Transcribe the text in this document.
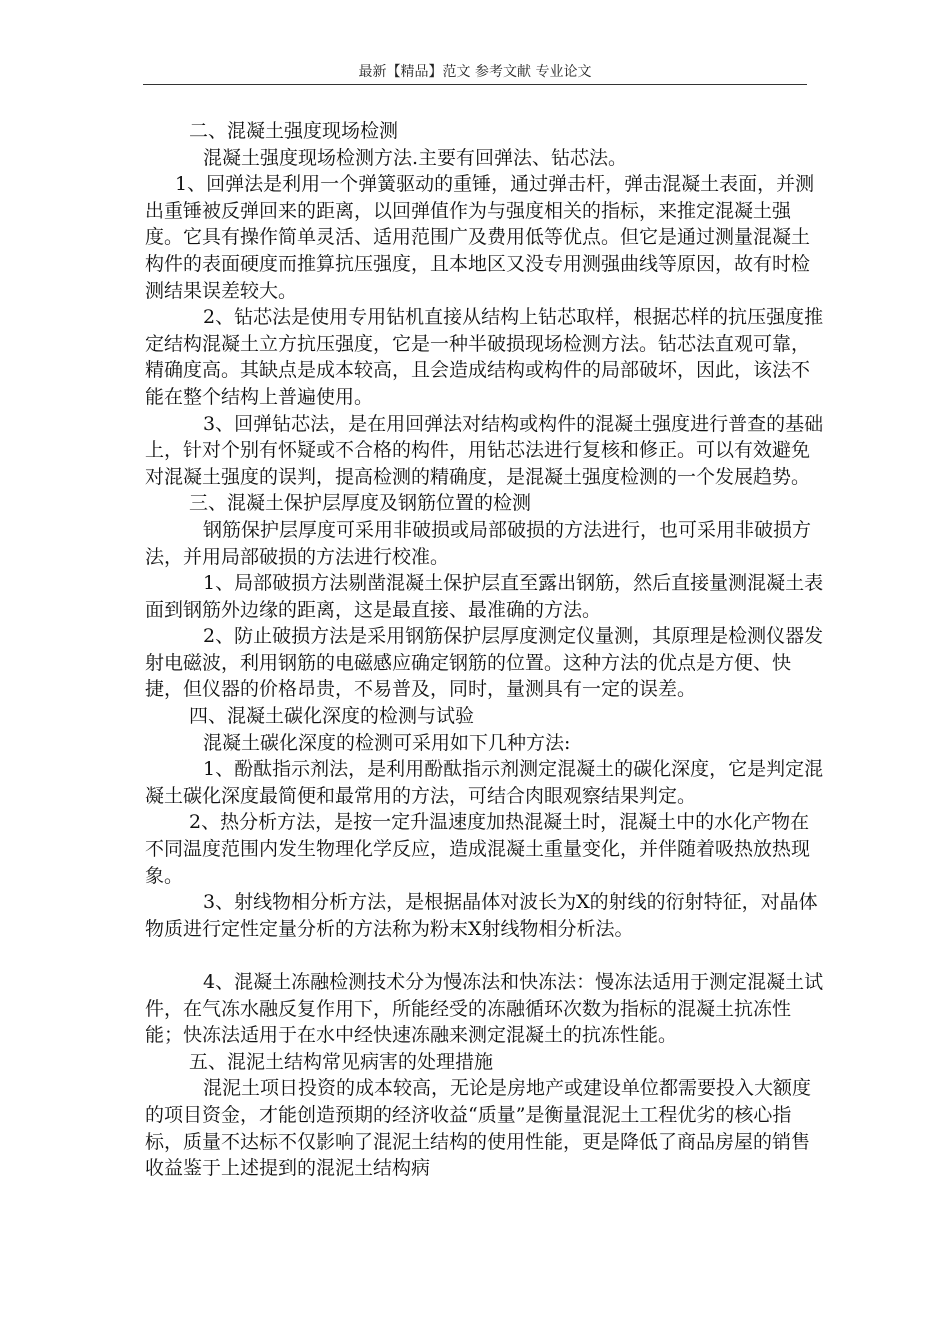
最新【精品】范文 参考文献 专业论文

二、混凝土强度现场检测

混凝土强度现场检测方法.主要有回弹法、钻芯法。

1、回弹法是利用一个弹簧驱动的重锤，通过弹击杆，弹击混凝土表面，并测出重锤被反弹回来的距离，以回弹值作为与强度相关的指标，来推定混凝土强度。它具有操作简单灵活、适用范围广及费用低等优点。但它是通过测量混凝土构件的表面硬度而推算抗压强度，且本地区又没专用测强曲线等原因，故有时检测结果误差较大。

2、钻芯法是使用专用钻机直接从结构上钻芯取样，根据芯样的抗压强度推定结构混凝土立方抗压强度，它是一种半破损现场检测方法。钻芯法直观可靠，精确度高。其缺点是成本较高，且会造成结构或构件的局部破坏，因此，该法不能在整个结构上普遍使用。

3、回弹钻芯法，是在用回弹法对结构或构件的混凝土强度进行普查的基础上，针对个别有怀疑或不合格的构件，用钻芯法进行复核和修正。可以有效避免对混凝土强度的误判，提高检测的精确度，是混凝土强度检测的一个发展趋势。

三、混凝土保护层厚度及钢筋位置的检测

钢筋保护层厚度可采用非破损或局部破损的方法进行，也可采用非破损方法，并用局部破损的方法进行校准。

1、局部破损方法剔凿混凝土保护层直至露出钢筋，然后直接量测混凝土表面到钢筋外边缘的距离，这是最直接、最准确的方法。

2、防止破损方法是采用钢筋保护层厚度测定仪量测，其原理是检测仪器发射电磁波，利用钢筋的电磁感应确定钢筋的位置。这种方法的优点是方便、快捷，但仪器的价格昂贵，不易普及，同时，量测具有一定的误差。

四、混凝土碳化深度的检测与试验

混凝土碳化深度的检测可采用如下几种方法:

1、酚酞指示剂法，是利用酚酞指示剂测定混凝土的碳化深度，它是判定混凝土碳化深度最简便和最常用的方法，可结合肉眼观察结果判定。

2、热分析方法，是按一定升温速度加热混凝土时，混凝土中的水化产物在不同温度范围内发生物理化学反应，造成混凝土重量变化，并伴随着吸热放热现象。

3、射线物相分析方法，是根据晶体对波长为X的射线的衍射特征，对晶体物质进行定性定量分析的方法称为粉末X射线物相分析法。

4、混凝土冻融检测技术分为慢冻法和快冻法：慢冻法适用于测定混凝土试件，在气冻水融反复作用下，所能经受的冻融循环次数为指标的混凝土抗冻性能；快冻法适用于在水中经快速冻融来测定混凝土的抗冻性能。

五、混泥土结构常见病害的处理措施

混泥土项日投资的成本较高，无论是房地产或建设单位都需要投入大额度的项目资金，才能创造预期的经济收益“质量”是衡量混泥土工程优劣的核心指标，质量不达标不仅影响了混泥土结构的使用性能，更是降低了商品房屋的销售收益鉴于上述提到的混泥土结构病
